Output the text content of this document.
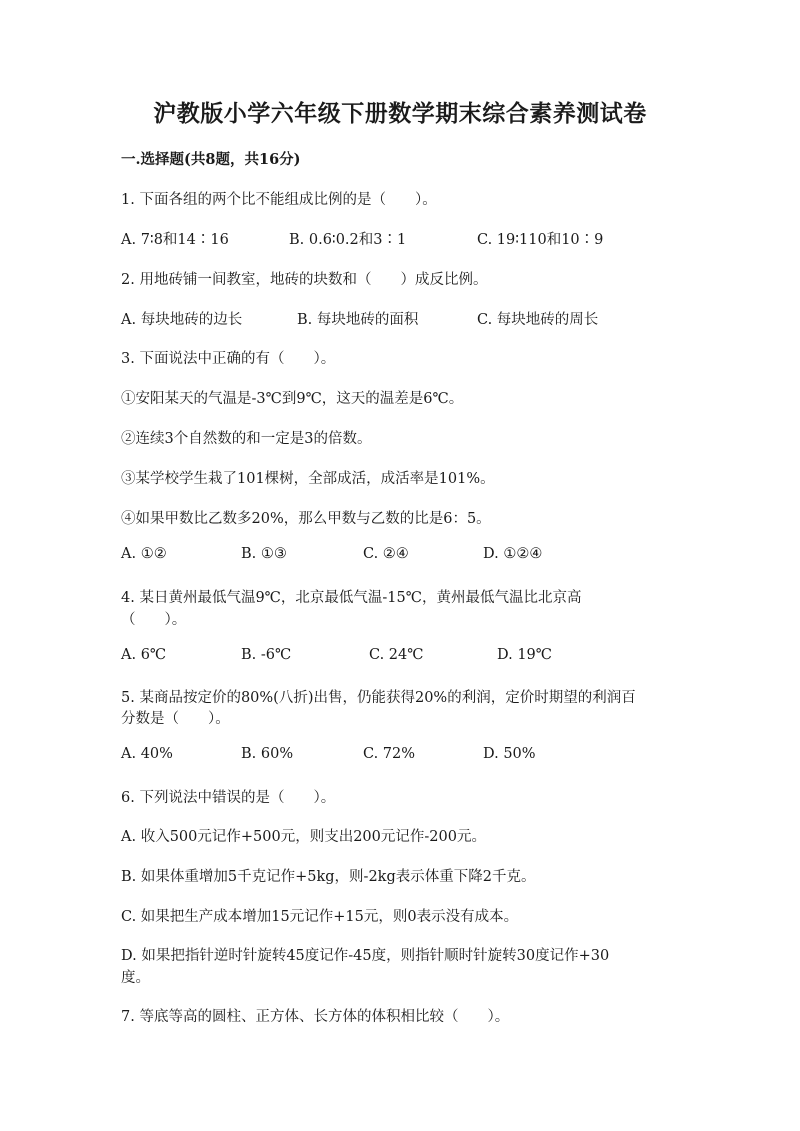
沪教版小学六年级下册数学期末综合素养测试卷
一.选择题(共8题，共16分)
1. 下面各组的两个比不能组成比例的是（　　）。
A. 7∶8和14∶16	B. 0.6∶0.2和3∶1	C. 19∶110和10∶9
2. 用地砖铺一间教室，地砖的块数和（　　）成反比例。
A. 每块地砖的边长	B. 每块地砖的面积	C. 每块地砖的周长
3. 下面说法中正确的有（　　）。
①安阳某天的气温是-3℃到9℃，这天的温差是6℃。
②连续3个自然数的和一定是3的倍数。
③某学校学生栽了101棵树，全部成活，成活率是101%。
④如果甲数比乙数多20%，那么甲数与乙数的比是6：5。
A. ①②	B. ①③	C. ②④	D. ①②④
4. 某日黄州最低气温9℃，北京最低气温-15℃，黄州最低气温比北京高
（　　）。
A. 6℃	B. -6℃	C. 24℃	D. 19℃
5. 某商品按定价的80%(八折)出售，仍能获得20%的利润，定价时期望的利润百
分数是（　　）。
A. 40%	B. 60%	C. 72%	D. 50%
6. 下列说法中错误的是（　　）。
A. 收入500元记作+500元，则支出200元记作-200元。
B. 如果体重增加5千克记作+5kg，则-2kg表示体重下降2千克。
C. 如果把生产成本增加15元记作+15元，则0表示没有成本。
D. 如果把指针逆时针旋转45度记作-45度，则指针顺时针旋转30度记作+30
度。
7. 等底等高的圆柱、正方体、长方体的体积相比较（　　）。
